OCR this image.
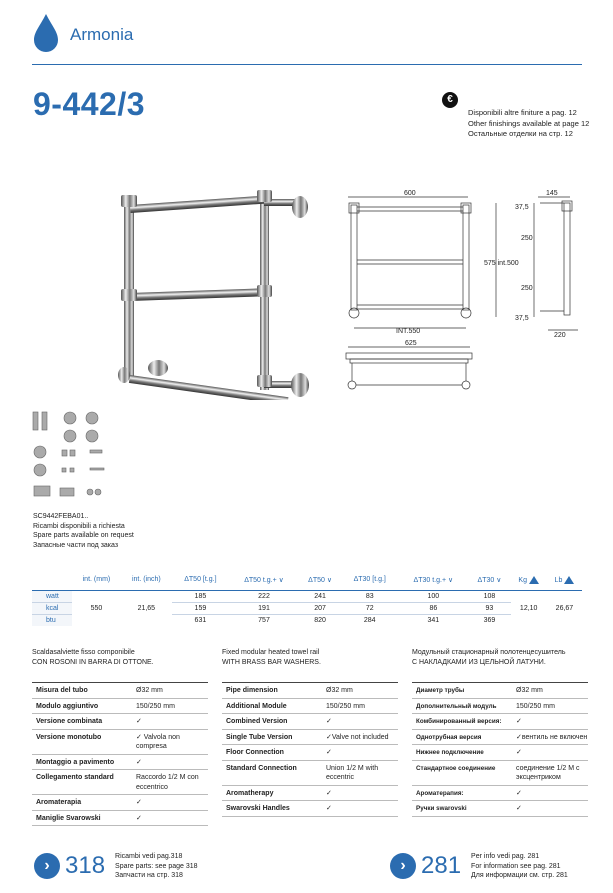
Armonia
9-442/3	€
Disponibili altre finiture a pag. 12
Other finishings available at page 12
Остальные отделки на стр. 12
600
INT.550
145
575 int.500
37,5
250
250
37,5
220
625
SC9442FEBA01..
Ricambi disponibili a richiesta
Spare parts available on request
Запасные части под заказ
	int. (mm)	int. (inch)	ΔT50 [t.g.]	ΔT50 t.g.+ ∨	ΔT50 ∨	ΔT30 [t.g.]	ΔT30 t.g.+ ∨	ΔT30 ∨	Kg	Lb
watt	550	21,65	185	222	241	83	100	108	12,10	26,67
kcal			159	191	207	72	86	93		
btu			631	757	820	284	341	369		
Scaldasalviette fisso componibile
CON ROSONI IN BARRA DI OTTONE.
Misura del tubo	Ø32 mm
Modulo aggiuntivo	150/250 mm
Versione combinata	✓
Versione monotubo	✓ Valvola non compresa
Montaggio a pavimento	✓
Collegamento standard	Raccordo 1/2 M con eccentrico
Aromaterapia	✓
Maniglie Svarowski	✓
Fixed modular heated towel rail
WITH BRASS BAR WASHERS.
Pipe dimension	Ø32 mm
Additional Module	150/250 mm
Combined Version	✓
Single Tube Version	✓Valve not included
Floor Connection	✓
Standard Connection	Union 1/2 M with eccentric
Aromatherapy	✓
Swarovski Handles	✓
Модульный стационарный полотенцесушитель
С НАКЛАДКАМИ ИЗ ЦЕЛЬНОЙ ЛАТУНИ.
Диаметр трубы	Ø32 mm
Дополнительный модуль	150/250 mm
Комбинированный версия:	✓
Однотрубная версия	✓вентиль не включен
Нижнее подключение	✓
Стандартное соединение	соединение 1/2 M с эксцентриком
Ароматерапия:	✓
Ручки swarovski	✓
› 318 Ricambi vedi pag.318
Spare parts: see page 318
Запчасти на стр. 318
› 281 Per info vedi pag. 281
For information see pag. 281
Для информации см. стр. 281
